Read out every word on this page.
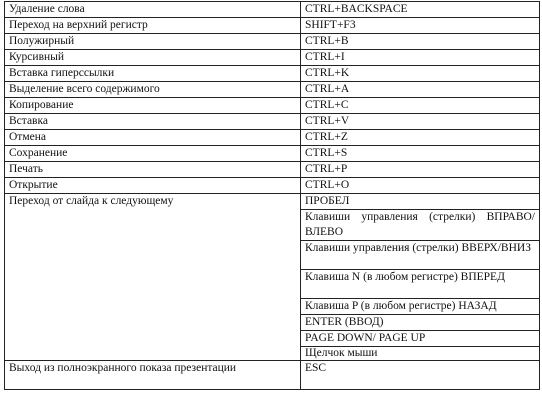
Удаление слова	CTRL+BACKSPACE
Переход на верхний регистр	SHIFT+F3
Полужирный	CTRL+B
Курсивный	CTRL+I
Вставка гиперссылки	CTRL+K
Выделение всего содержимого	CTRL+A
Копирование	CTRL+C
Вставка	CTRL+V
Отмена	CTRL+Z
Сохранение	CTRL+S
Печать	CTRL+P
Открытие	CTRL+O
Переход от слайда к следующему	ПРОБЕЛ
	Клавиши управления (стрелки) ВПРАВО/ВЛЕВО
	Клавиши управления (стрелки) ВВЕРХ/ВНИЗ
	Клавиша N (в любом регистре) ВПЕРЕД
	Клавиша P (в любом регистре) НАЗАД
	ENTER (ВВОД)
	PAGE DOWN/ PAGE UP
	Щелчок мыши
Выход из полноэкранного показа презентации	ESC
